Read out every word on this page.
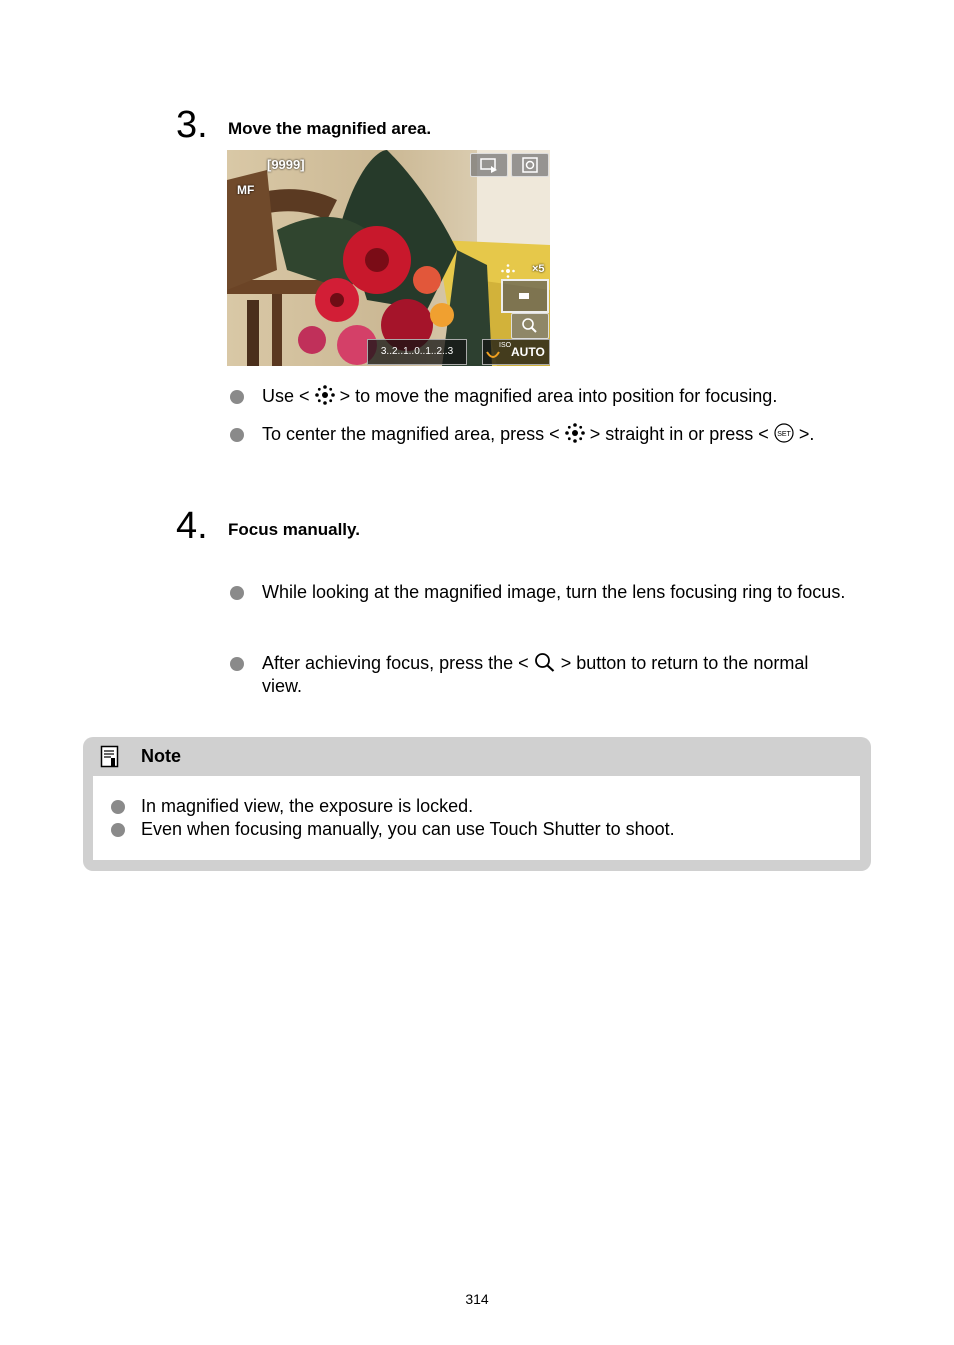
3. Move the magnified area.
[9999]
MF
×5
3..2..1..0..1..2..3
ISO AUTO
Use < > to move the magnified area into position for focusing.
To center the magnified area, press < > straight in or press < SET >.
4. Focus manually.
While looking at the magnified image, turn the lens focusing ring to focus.
After achieving focus, press the < > button to return to the normal view.
Note
In magnified view, the exposure is locked.
Even when focusing manually, you can use Touch Shutter to shoot.
314
